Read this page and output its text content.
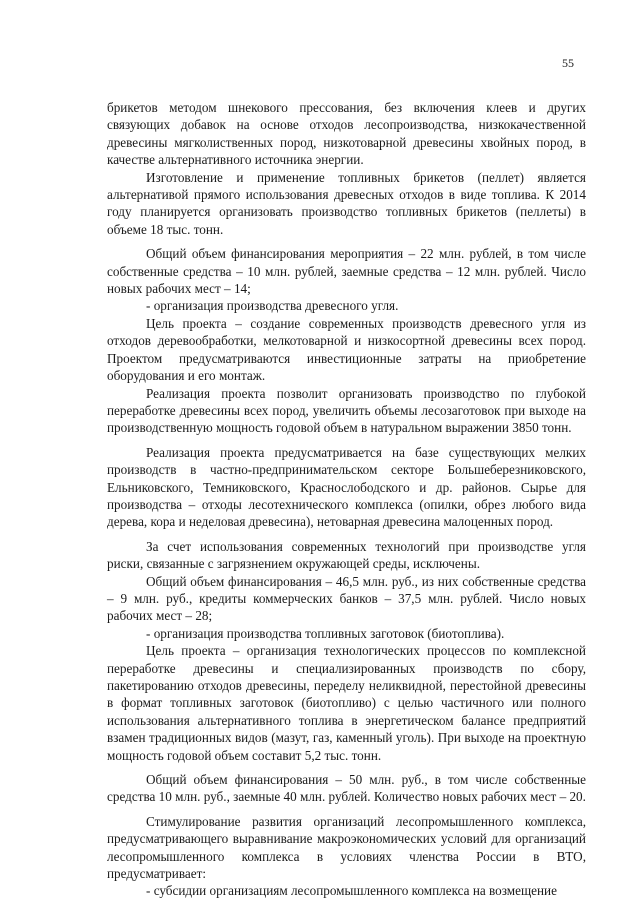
55

брикетов методом шнекового прессования, без включения клеев и других связующих добавок на основе отходов лесопроизводства, низкокачественной древесины мягколиственных пород, низкотоварной древесины хвойных пород, в качестве альтернативного источника энергии.

Изготовление и применение топливных брикетов (пеллет) является альтернативой прямого использования древесных отходов в виде топлива. К 2014 году планируется организовать производство топливных брикетов (пеллеты) в объеме 18 тыс. тонн.

Общий объем финансирования мероприятия – 22 млн. рублей, в том числе собственные средства – 10 млн. рублей, заемные средства – 12 млн. рублей. Число новых рабочих мест – 14;

- организация производства древесного угля.

Цель проекта – создание современных производств древесного угля из отходов деревообработки, мелкотоварной и низкосортной древесины всех пород. Проектом предусматриваются инвестиционные затраты на приобретение оборудования и его монтаж.

Реализация проекта позволит организовать производство по глубокой переработке древесины всех пород, увеличить объемы лесозаготовок при выходе на производственную мощность годовой объем в натуральном выражении 3850 тонн.

Реализация проекта предусматривается на базе существующих мелких производств в частно-предпринимательском секторе Большеберезниковского, Ельниковского, Темниковского, Краснослободского и др. районов. Сырье для производства – отходы лесотехнического комплекса (опилки, обрез любого вида дерева, кора и неделовая древесина), нетоварная древесина малоценных пород.

За счет использования современных технологий при производстве угля риски, связанные с загрязнением окружающей среды, исключены.

Общий объем финансирования – 46,5 млн. руб., из них собственные средства – 9 млн. руб., кредиты коммерческих банков – 37,5 млн. рублей. Число новых рабочих мест – 28;

- организация производства топливных заготовок (биотоплива).

Цель проекта – организация технологических процессов по комплексной переработке древесины и специализированных производств по сбору, пакетированию отходов древесины, переделу неликвидной, перестойной древесины в формат топливных заготовок (биотопливо) с целью частичного или полного использования альтернативного топлива в энергетическом балансе предприятий взамен традиционных видов (мазут, газ, каменный уголь). При выходе на проектную мощность годовой объем составит 5,2 тыс. тонн.

Общий объем финансирования – 50 млн. руб., в том числе собственные средства 10 млн. руб., заемные 40 млн. рублей. Количество новых рабочих мест – 20.

Стимулирование развития организаций лесопромышленного комплекса, предусматривающего выравнивание макроэкономических условий для организаций лесопромышленного комплекса в условиях членства России в ВТО, предусматривает:

- субсидии организациям лесопромышленного комплекса на возмещение
